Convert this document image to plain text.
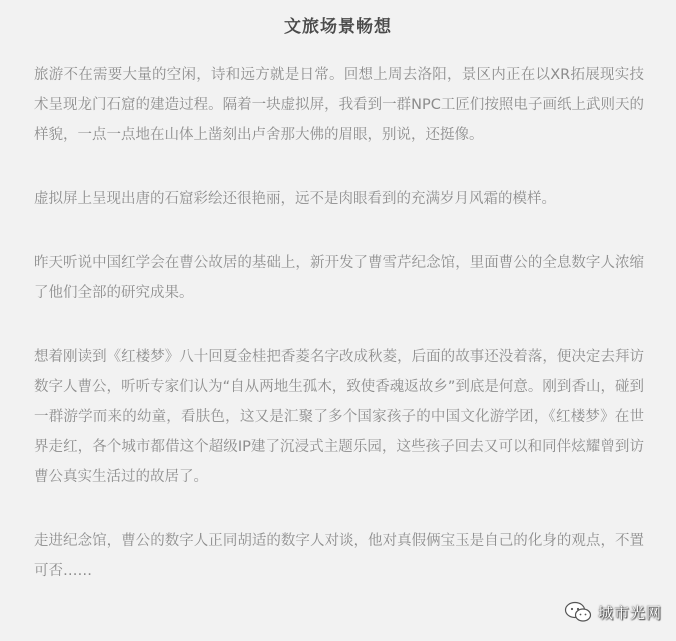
文旅场景畅想

旅游不在需要大量的空闲，诗和远方就是日常。回想上周去洛阳，景区内正在以XR拓展现实技术呈现龙门石窟的建造过程。隔着一块虚拟屏，我看到一群NPC工匠们按照电子画纸上武则天的样貌，一点一点地在山体上凿刻出卢舍那大佛的眉眼，别说，还挺像。

虚拟屏上呈现出唐的石窟彩绘还很艳丽，远不是肉眼看到的充满岁月风霜的模样。

昨天听说中国红学会在曹公故居的基础上，新开发了曹雪芹纪念馆，里面曹公的全息数字人浓缩了他们全部的研究成果。

想着刚读到《红楼梦》八十回夏金桂把香菱名字改成秋菱，后面的故事还没着落，便决定去拜访数字人曹公，听听专家们认为“自从两地生孤木，致使香魂返故乡”到底是何意。刚到香山，碰到一群游学而来的幼童，看肤色，这又是汇聚了多个国家孩子的中国文化游学团，《红楼梦》在世界走红，各个城市都借这个超级IP建了沉浸式主题乐园，这些孩子回去又可以和同伴炫耀曾到访曹公真实生活过的故居了。

走进纪念馆，曹公的数字人正同胡适的数字人对谈，他对真假俩宝玉是自己的化身的观点，不置可否……

城市光网
